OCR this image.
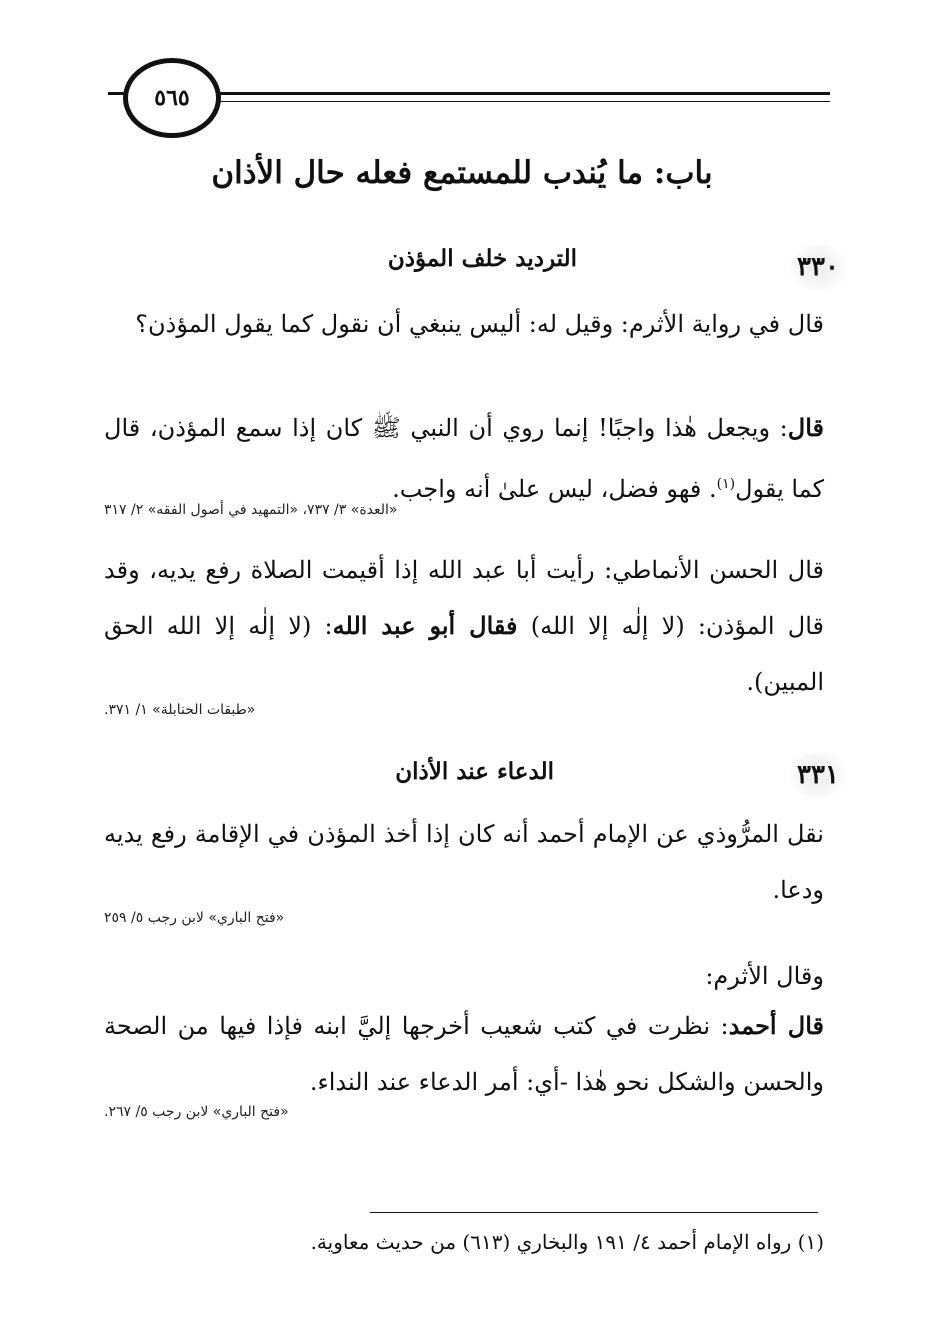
٥٦٥
باب: ما يُندب للمستمع فعله حال الأذان
٣٣٠
الترديد خلف المؤذن
قال في رواية الأثرم: وقيل له: أليس ينبغي أن نقول كما يقول المؤذن؟
قال: ويجعل هٰذا واجبًا! إنما روي أن النبي ﷺ كان إذا سمع المؤذن، قال كما يقول$^{(١)}$. فهو فضل، ليس علىٰ أنه واجب.
«العدة» ٣/ ٧٣٧، «التمهيد في أصول الفقه» ٢/ ٣١٧
قال الحسن الأنماطي: رأيت أبا عبد الله إذا أقيمت الصلاة رفع يديه، وقد قال المؤذن: (لا إلٰه إلا الله) فقال أبو عبد الله: (لا إلٰه إلا الله الحق المبين).
«طبقات الحنابلة» ١/ ٣٧١.
٣٣١
الدعاء عند الأذان
نقل المرُّوذي عن الإمام أحمد أنه كان إذا أخذ المؤذن في الإقامة رفع يديه ودعا.
«فتح الباري» لابن رجب ٥/ ٢٥٩
وقال الأثرم:
قال أحمد: نظرت في كتب شعيب أخرجها إليَّ ابنه فإذا فيها من الصحة والحسن والشكل نحو هٰذا -أي: أمر الدعاء عند النداء.
«فتح الباري» لابن رجب ٥/ ٢٦٧.
(١) رواه الإمام أحمد ٤/ ١٩١ والبخاري (٦١٣) من حديث معاوية.
